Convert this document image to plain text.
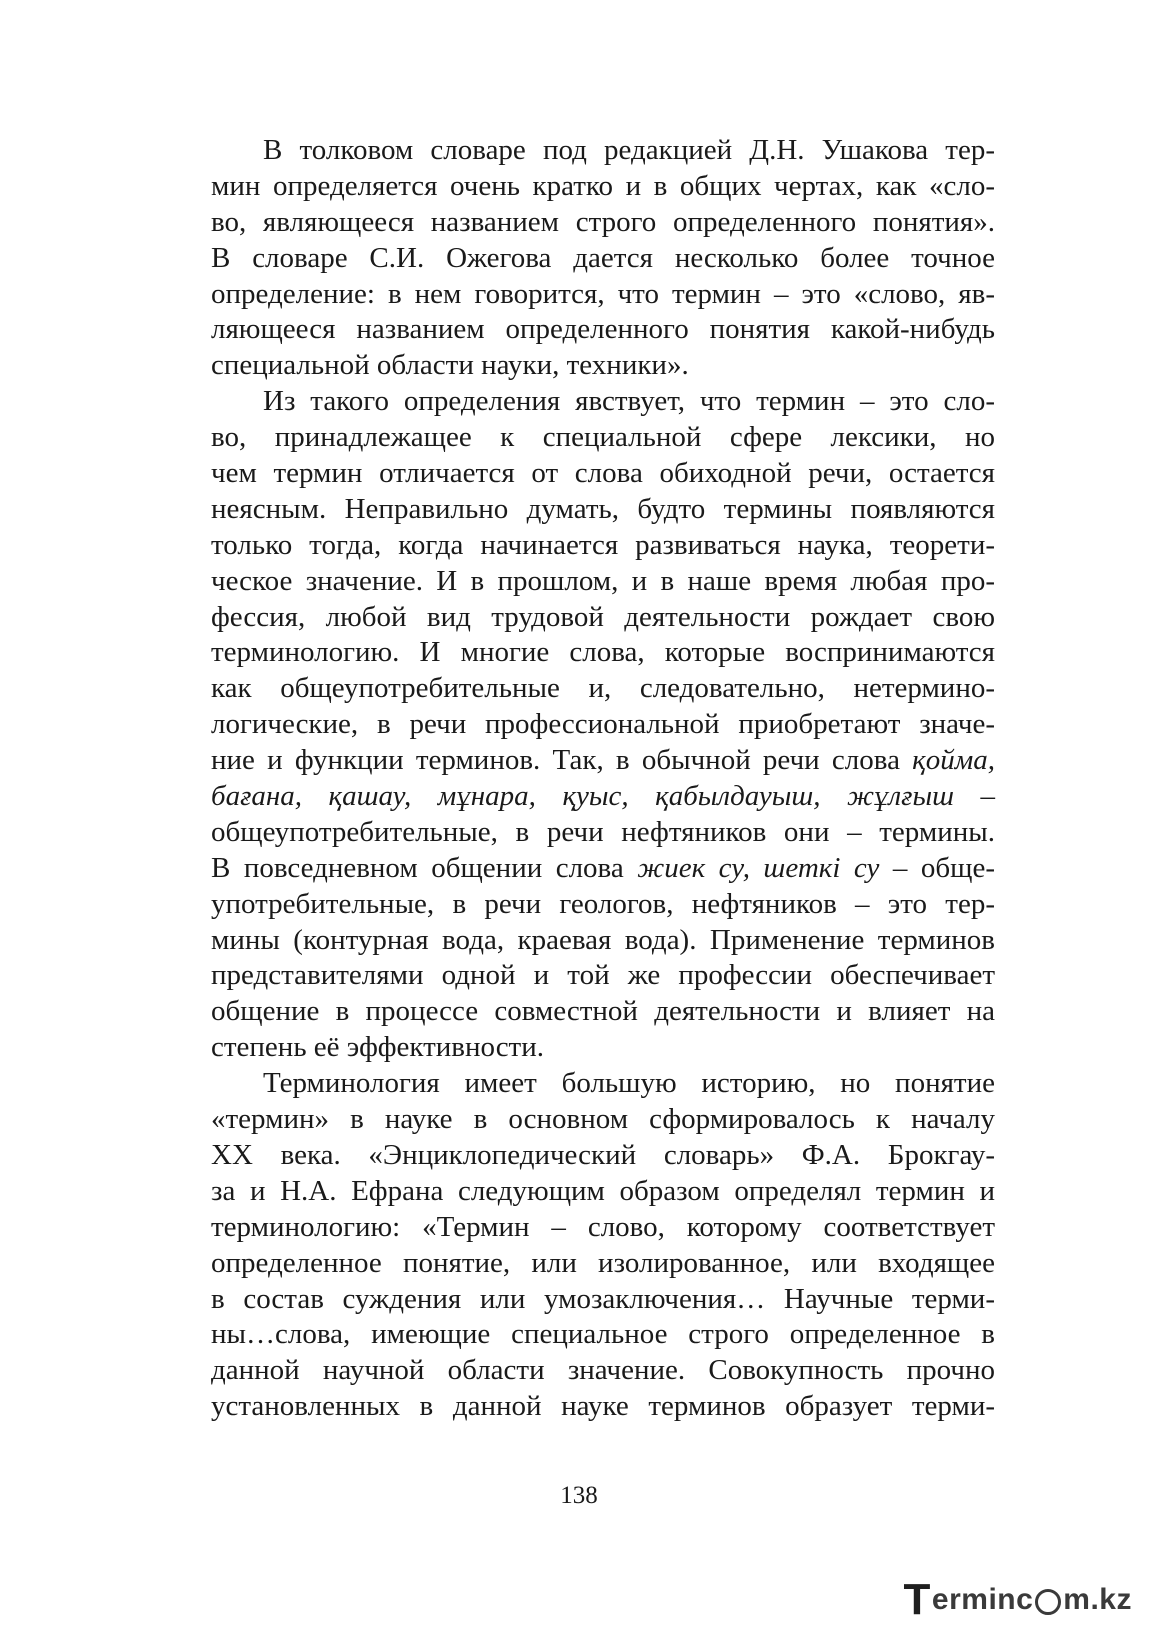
В толковом словаре под редакцией Д.Н. Ушакова тер-
мин определяется очень кратко и в общих чертах, как «сло-
во, являющееся названием строго определенного понятия».
В словаре С.И. Ожегова дается несколько более точное
определение: в нем говорится, что термин – это «слово, яв-
ляющееся названием определенного понятия какой-нибудь
специальной области науки, техники».
Из такого определения явствует, что термин – это сло-
во, принадлежащее к специальной сфере лексики, но
чем термин отличается от слова обиходной речи, остается
неясным. Неправильно думать, будто термины появляются
только тогда, когда начинается развиваться наука, теорети-
ческое значение. И в прошлом, и в наше время любая про-
фессия, любой вид трудовой деятельности рождает свою
терминологию. И многие слова, которые воспринимаются
как общеупотребительные и, следовательно, нетермино-
логические, в речи профессиональной приобретают значе-
ние и функции терминов. Так, в обычной речи слова қойма,
бағана, қашау, мұнара, қуыс, қабылдауыш, жұлғыш –
общеупотребительные, в речи нефтяников они – термины.
В повседневном общении слова жиек су, шеткі су – обще-
употребительные, в речи геологов, нефтяников – это тер-
мины (контурная вода, краевая вода). Применение терминов
представителями одной и той же профессии обеспечивает
общение в процессе совместной деятельности и влияет на
степень её эффективности.
Терминология имеет большую историю, но понятие
«термин» в науке в основном сформировалось к началу
XX века. «Энциклопедический словарь» Ф.А. Брокгау-
за и Н.А. Ефрана следующим образом определял термин и
терминологию: «Термин – слово, которому соответствует
определенное понятие, или изолированное, или входящее
в состав суждения или умозаключения… Научные терми-
ны…слова, имеющие специальное строго определенное в
данной научной области значение. Совокупность прочно
установленных в данной науке терминов образует терми-
138
T erminc m.kz
